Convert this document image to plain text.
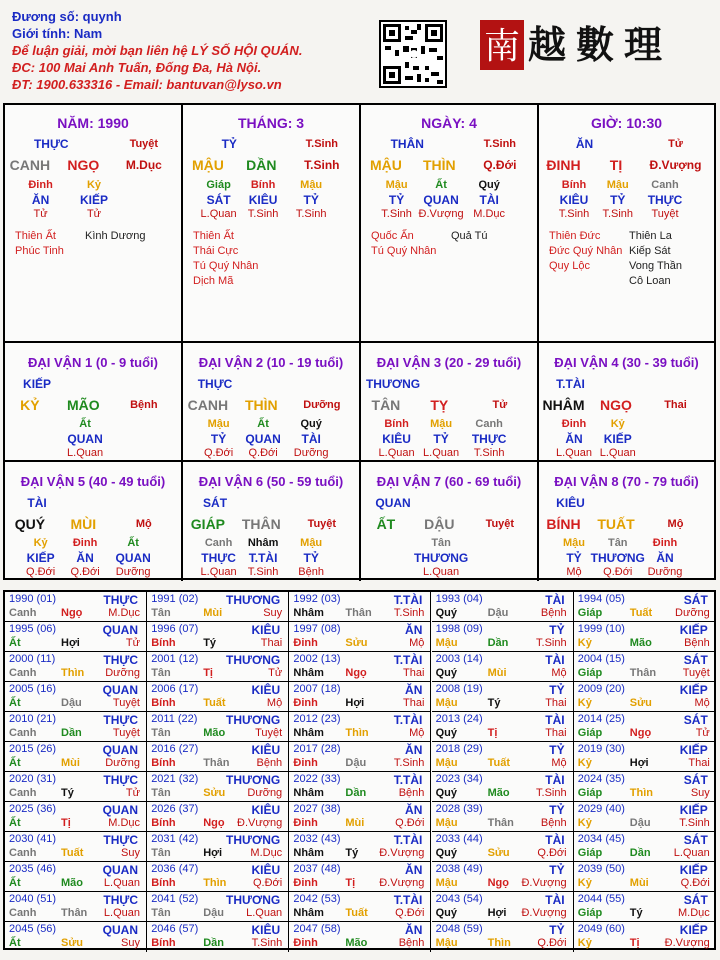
Đương số: quynh
Giới tính: Nam
Để luận giải, mời bạn liên hệ LÝ SỐ HỘI QUÁN.
ĐC: 100 Mai Anh Tuấn, Đống Đa, Hà Nội.
ĐT: 1900.633316 - Email: bantuvan@lyso.vn
南 越數理
NĂM: 1990
THỰC	Tuyệt
CANH NGỌ M.Dục
Đinh
ĂN
Tử
Kỷ
KIẾP
Tử
Thiên Ất
Phúc Tinh
Kình Dương
THÁNG: 3
TỶ	T.Sinh
MẬU DẦN T.Sinh
Giáp
SÁT
L.Quan
Bính
KIÊU
T.Sinh
Mậu
TỶ
T.Sinh
Thiên Ất
Thái Cực
Tú Quý Nhân
Dịch Mã
NGÀY: 4
THÂN	T.Sinh
MẬU THÌN Q.Đới
Mậu
TỶ
T.Sinh
Ất
QUAN
Đ.Vượng
Quý
TÀI
M.Dục
Quốc Ấn
Tú Quý Nhân
Quả Tú
GIỜ: 10:30
ĂN	Tử
ĐINH TỊ Đ.Vượng
Bính
KIÊU
T.Sinh
Mậu
TỶ
T.Sinh
Canh
THỰC
Tuyệt
Thiên Đức
Đức Quý Nhân
Quy Lộc
Thiên La
Kiếp Sát
Vong Thần
Cô Loan
ĐẠI VẬN 1 (0 - 9 tuổi)
KIẾP
KỶ MÃO	Bệnh
Ất
QUAN
L.Quan
ĐẠI VẬN 2 (10 - 19 tuổi)
THỰC
CANH THÌN Dưỡng
Mậu
TỶ
Q.Đới
Ất
QUAN
Q.Đới
Quý
TÀI
Dưỡng
ĐẠI VẬN 3 (20 - 29 tuổi)
THƯƠNG
TÂN TỴ	Tử
Bính
KIÊU
L.Quan
Mậu
TỶ
L.Quan
Canh
THỰC
T.Sinh
ĐẠI VẬN 4 (30 - 39 tuổi)
T.TÀI
NHÂM NGỌ	Thai
Đinh
ĂN
L.Quan
Kỷ
KIẾP
L.Quan
ĐẠI VẬN 5 (40 - 49 tuổi)
TÀI
QUÝ MÙI	Mộ
Kỷ
KIẾP
Q.Đới
Đinh
ĂN
Q.Đới
Ất
QUAN
Dưỡng
ĐẠI VẬN 6 (50 - 59 tuổi)
SÁT
GIÁP THÂN Tuyệt
Canh
THỰC
L.Quan
Nhâm
T.TÀI
T.Sinh
Mậu
TỶ
Bệnh
ĐẠI VẬN 7 (60 - 69 tuổi)
QUAN
ẤT DẬU	Tuyệt
Tân
THƯƠNG
L.Quan
ĐẠI VẬN 8 (70 - 79 tuổi)
KIÊU
BÍNH TUẤT	Mộ
Mậu
TỶ
Mộ
Tân
THƯƠNG
Q.Đới
Đinh
ĂN
Dưỡng
1990 (01)	THỰC
Canh Ngọ M.Dục
1991 (02) THƯƠNG
Tân	Mùi	Suy
1992 (03)	T.TÀI
Nhâm Thân T.Sinh
1993 (04)	TÀI
Quý	Dậu	Bệnh
1994 (05)	SÁT
Giáp	Tuất Dưỡng
1995 (06)	QUAN
Ất	Hợi	Tử
1996 (07)	KIÊU
Bính	Tý	Thai
1997 (08)	ĂN
Đinh	Sửu	Mộ
1998 (09)	TỶ
Mậu	Dần	T.Sinh
1999 (10)	KIẾP
Kỷ	Mão	Bệnh
2000 (11)	THỰC
Canh Thìn Dưỡng
2001 (12) THƯƠNG
Tân	Tị	Tử
2002 (13)	T.TÀI
Nhâm Ngọ	Thai
2003 (14)	TÀI
Quý	Mùi	Mộ
2004 (15)	SÁT
Giáp	Thân Tuyệt
2005 (16)	QUAN
Ất	Dậu	Tuyệt
2006 (17)	KIÊU
Bính	Tuất	Mộ
2007 (18)	ĂN
Đinh	Hợi	Thai
2008 (19)	TỶ
Mậu	Tý	Thai
2009 (20)	KIẾP
Kỷ	Sửu	Mộ
2010 (21)	THỰC
Canh Dần	Tuyệt
2011 (22) THƯƠNG
Tân	Mão	Tuyệt
2012 (23)	T.TÀI
Nhâm Thìn	Mộ
2013 (24)	TÀI
Quý	Tị	Thai
2014 (25)	SÁT
Giáp	Ngọ	Tử
2015 (26)	QUAN
Ất	Mùi Dưỡng
2016 (27)	KIÊU
Bính	Thân Bệnh
2017 (28)	ĂN
Đinh	Dậu	T.Sinh
2018 (29)	TỶ
Mậu	Tuất	Mộ
2019 (30)	KIẾP
Kỷ	Hợi	Thai
2020 (31)	THỰC
Canh Tý	Tử
2021 (32) THƯƠNG
Tân	Sửu Dưỡng
2022 (33)	T.TÀI
Nhâm Dần	Bệnh
2023 (34)	TÀI
Quý	Mão T.Sinh
2024 (35)	SÁT
Giáp	Thìn	Suy
2025 (36)	QUAN
Ất	Tị	M.Dục
2026 (37)	KIÊU
Bính	Ngọ Đ.Vượng
2027 (38)	ĂN
Đinh	Mùi	Q.Đới
2028 (39)	TỶ
Mậu	Thân Bệnh
2029 (40)	KIẾP
Kỷ	Dậu	T.Sinh
2030 (41)	THỰC
Canh Tuất	Suy
2031 (42) THƯƠNG
Tân	Hợi	M.Dục
2032 (43)	T.TÀI
Nhâm Tý Đ.Vượng
2033 (44)	TÀI
Quý	Sửu	Q.Đới
2034 (45)	SÁT
Giáp	Dần L.Quan
2035 (46)	QUAN
Ất	Mão L.Quan
2036 (47)	KIÊU
Bính	Thìn Q.Đới
2037 (48)	ĂN
Đinh	Tị Đ.Vượng
2038 (49)	TỶ
Mậu	Ngọ Đ.Vượng
2039 (50)	KIẾP
Kỷ	Mùi	Q.Đới
2040 (51)	THỰC
Canh Thân L.Quan
2041 (52) THƯƠNG
Tân	Dậu L.Quan
2042 (53)	T.TÀI
Nhâm Tuất Q.Đới
2043 (54)	TÀI
Quý	Hợi Đ.Vượng
2044 (55)	SÁT
Giáp	Tý	M.Dục
2045 (56)	QUAN
Ất	Sửu	Suy
2046 (57)	KIÊU
Bính	Dần	T.Sinh
2047 (58)	ĂN
Đinh	Mão	Bệnh
2048 (59)	TỶ
Mậu	Thìn Q.Đới
2049 (60)	KIẾP
Kỷ	Tị Đ.Vượng
